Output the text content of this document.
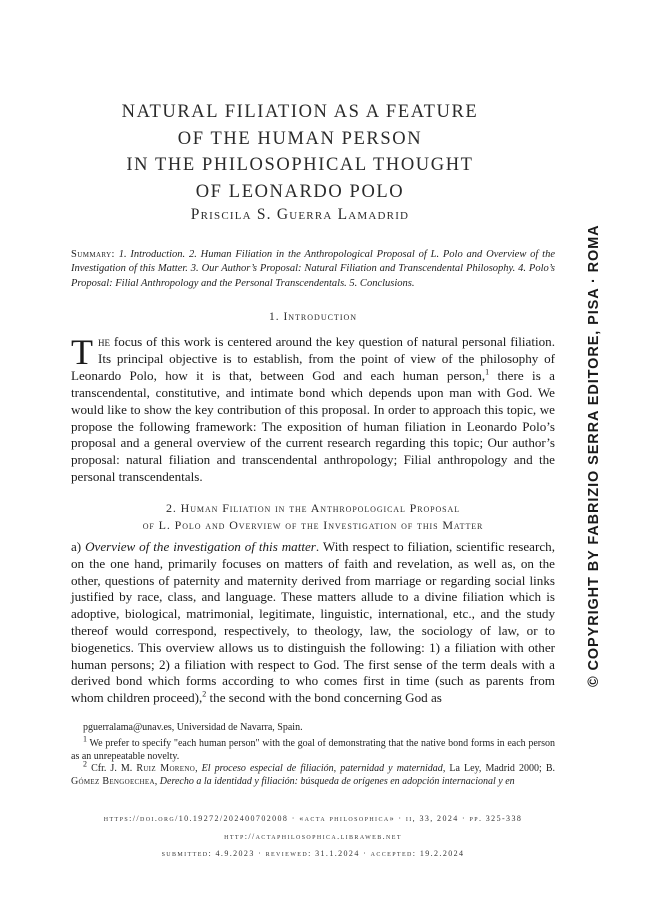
NATURAL FILIATION AS A FEATURE
OF THE HUMAN PERSON
IN THE PHILOSOPHICAL THOUGHT
OF LEONARDO POLO
Priscila S. Guerra Lamadrid
Summary: 1. Introduction. 2. Human Filiation in the Anthropological Proposal of L. Polo and Overview of the Investigation of this Matter. 3. Our Author’s Proposal: Natural Filiation and Transcendental Philosophy. 4. Polo’s Proposal: Filial Anthropology and the Personal Transcendentals. 5. Conclusions.
1. Introduction
The focus of this work is centered around the key question of natural personal filiation. Its principal objective is to establish, from the point of view of the philosophy of Leonardo Polo, how it is that, between God and each human person,$^1$ there is a transcendental, constitutive, and intimate bond which depends upon man with God. We would like to show the key contribution of this proposal. In order to approach this topic, we propose the following framework: The exposition of human filiation in Leonardo Polo’s proposal and a general overview of the current research regarding this topic; Our author’s proposal: natural filiation and transcendental anthropology; Filial anthropology and the personal transcendentals.
2. Human Filiation in the Anthropological Proposal
of L. Polo and Overview of the Investigation of this Matter
a) Overview of the investigation of this matter. With respect to filiation, scientific research, on the one hand, primarily focuses on matters of faith and revelation, as well as, on the other, questions of paternity and maternity derived from marriage or regarding social links justified by race, class, and language. These matters allude to a divine filiation which is adoptive, biological, matrimonial, legitimate, linguistic, international, etc., and the study thereof would correspond, respectively, to theology, law, the sociology of law, or to biogenetics. This overview allows us to distinguish the following: 1) a filiation with other human persons; 2) a filiation with respect to God. The first sense of the term deals with a derived bond which forms according to who comes first in time (such as parents from whom children proceed),$^2$ the second with the bond concerning God as

pguerralama@unav.es, Universidad de Navarra, Spain.

$^1$ We prefer to specify "each human person" with the goal of demonstrating that the native bond forms in each person as an unrepeatable novelty.

$^2$ Cfr. J. M. Ruiz Moreno, El proceso especial de filiación, paternidad y maternidad, La Ley, Madrid 2000; B. Gómez Bengoechea, Derecho a la identidad y filiación: búsqueda de orígenes en adopción internacional y en

https://doi.org/10.19272/202400702008 · «acta philosophica» · ii, 33, 2024 · pp. 325-338
http://actaphilosophica.libraweb.net
submitted: 4.9.2023 · reviewed: 31.1.2024 · accepted: 19.2.2024
© COPYRIGHT BY FABRIZIO SERRA EDITORE, PISA · ROMA
